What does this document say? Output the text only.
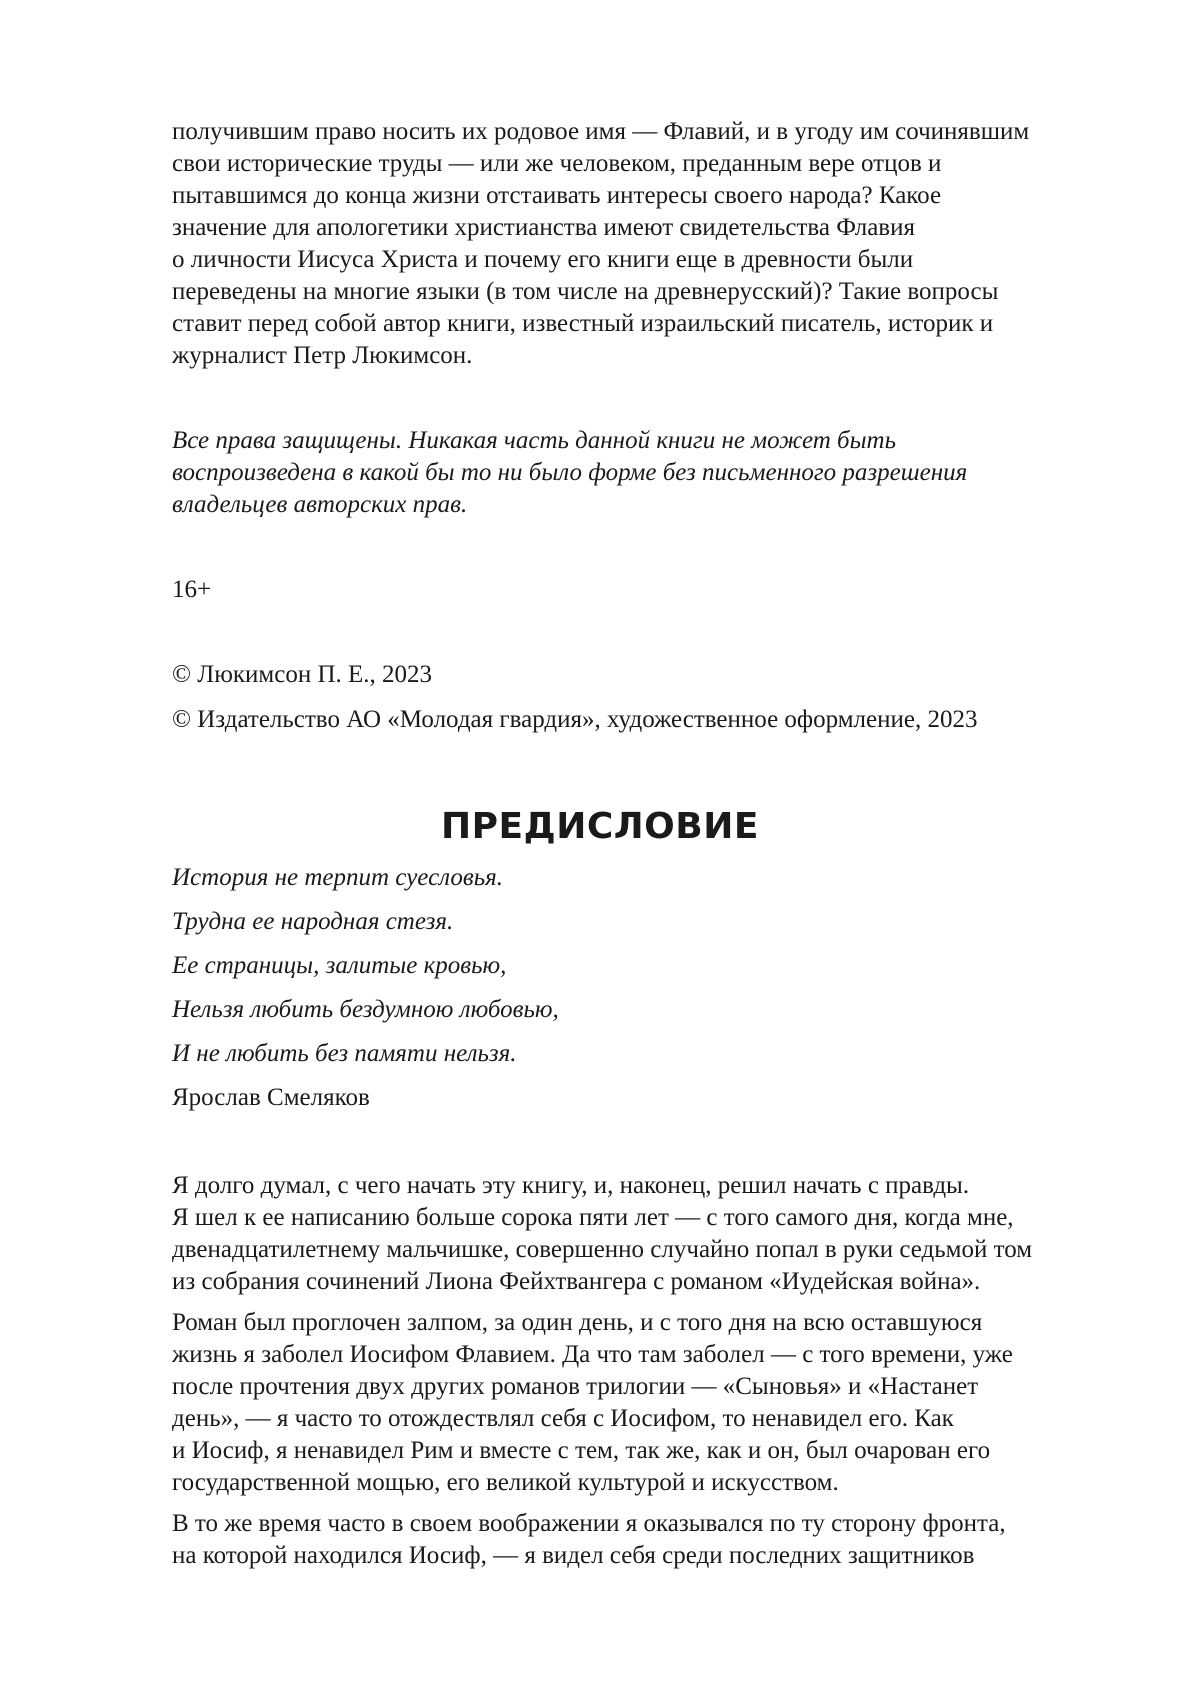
получившим право носить их родовое имя — Флавий, и в угоду им сочинявшим
свои исторические труды — или же человеком, преданным вере отцов и
пытавшимся до конца жизни отстаивать интересы своего народа? Какое
значение для апологетики христианства имеют свидетельства Флавия
о личности Иисуса Христа и почему его книги еще в древности были
переведены на многие языки (в том числе на древнерусский)? Такие вопросы
ставит перед собой автор книги, известный израильский писатель, историк и
журналист Петр Люкимсон.
Все права защищены. Никакая часть данной книги не может быть
воспроизведена в какой бы то ни было форме без письменного разрешения
владельцев авторских прав.
16+
© Люкимсон П. Е., 2023
© Издательство АО «Молодая гвардия», художественное оформление, 2023
ПРЕДИСЛОВИЕ
История не терпит суесловья.
Трудна ее народная стезя.
Ее страницы, залитые кровью,
Нельзя любить бездумною любовью,
И не любить без памяти нельзя.
Ярослав Смеляков
Я долго думал, с чего начать эту книгу, и, наконец, решил начать с правды.
Я шел к ее написанию больше сорока пяти лет — с того самого дня, когда мне,
двенадцатилетнему мальчишке, совершенно случайно попал в руки седьмой том
из собрания сочинений Лиона Фейхтвангера с романом «Иудейская война».
Роман был проглочен залпом, за один день, и с того дня на всю оставшуюся
жизнь я заболел Иосифом Флавием. Да что там заболел — с того времени, уже
после прочтения двух других романов трилогии — «Сыновья» и «Настанет
день», — я часто то отождествлял себя с Иосифом, то ненавидел его. Как
и Иосиф, я ненавидел Рим и вместе с тем, так же, как и он, был очарован его
государственной мощью, его великой культурой и искусством.
В то же время часто в своем воображении я оказывался по ту сторону фронта,
на которой находился Иосиф, — я видел себя среди последних защитников
